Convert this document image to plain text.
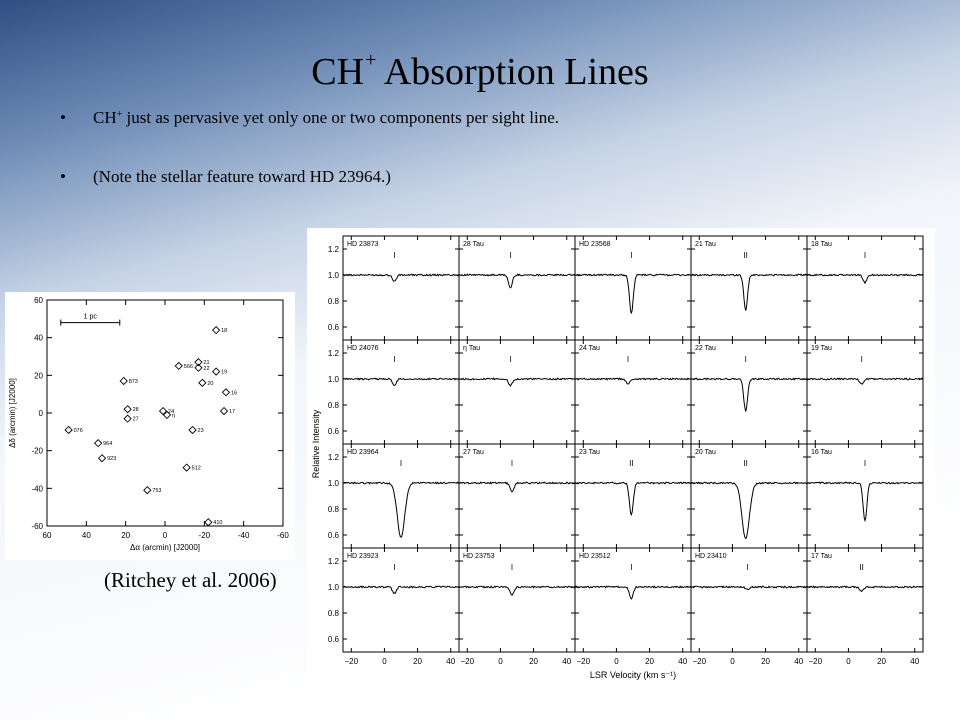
CH+ Absorption Lines
• CH+ just as pervasive yet only one or two components per sight line.
• (Note the stellar feature toward HD 23964.)
60	40	20	0	-20	-40	-60
60
40
20
0
-20
-40
-60
Δα (arcmin) [J2000]
Δδ (arcmin) [J2000]
1 pc
18
566
21
22
19
873	20
16
28	24	17
27
η
23
076
964
923
512
753
410
(Ritchey et al. 2006)
HD 23873
I
28 Tau
I
HD 23568
I
21 Tau
II
18 Tau
I
HD 24076
I
η Tau
I
24 Tau
I
22 Tau
I
19 Tau
I
HD 23964
I
27 Tau
I
23 Tau
II
20 Tau
II
16 Tau
I
HD 23923
I
HD 23753
I
HD 23512
I
HD 23410
I
17 Tau
II
0.6
0.8
1.0
1.2
0.6
0.8
1.0
1.2
0.6
0.8
1.0
1.2
0.6
0.8
1.0
1.2
−20	0	20	40 −20	0	20	40 −20	0	20	40 −20	0	20	40 −20	0	20	40
LSR Velocity (km s⁻¹)
Relative Intensity
